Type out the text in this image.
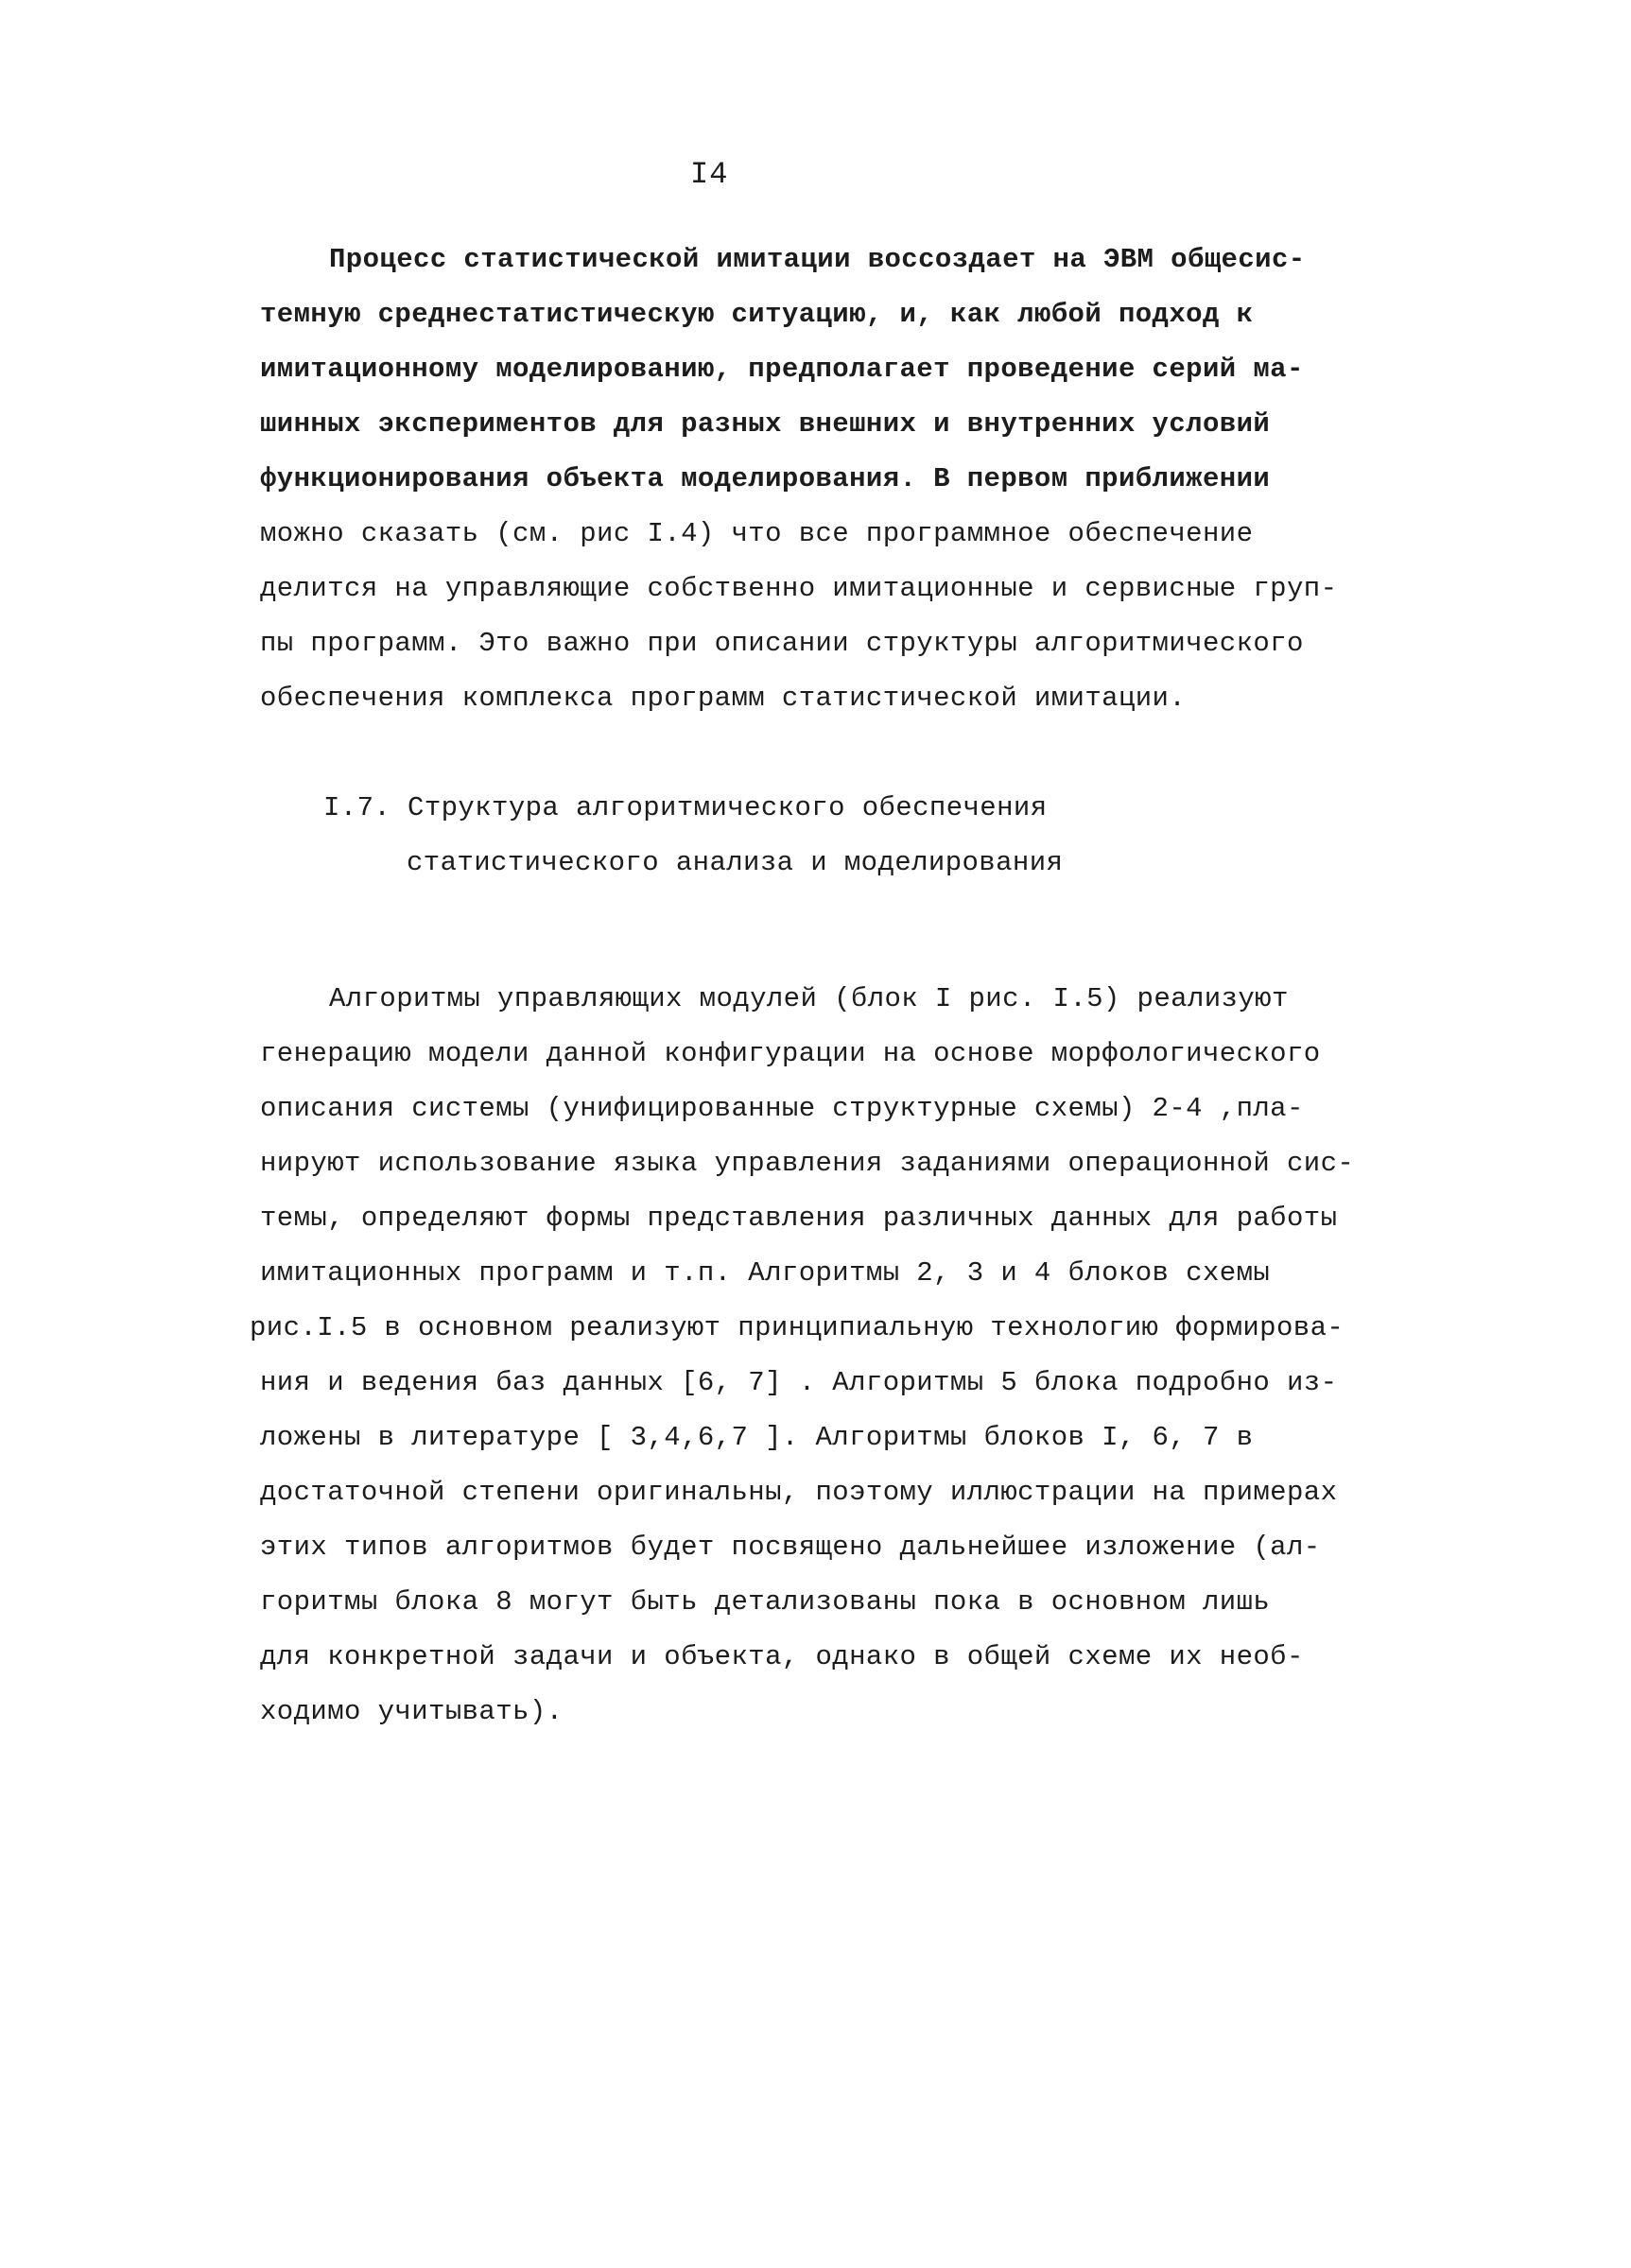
I4
Процесс статистической имитации воссоздает на ЭВМ общесис-
темную среднестатистическую ситуацию, и, как любой подход к
имитационному моделированию, предполагает проведение серий ма-
шинных экспериментов для разных внешних и внутренних условий
функционирования объекта моделирования. В первом приближении
можно сказать (см. рис I.4) что все программное обеспечение
делится на управляющие собственно имитационные и сервисные груп-
пы программ. Это важно при описании структуры алгоритмического
обеспечения комплекса программ статистической имитации.
I.7. Структура алгоритмического обеспечения
статистического анализа и моделирования
Алгоритмы управляющих модулей (блок I рис. I.5) реализуют
генерацию модели данной конфигурации на основе морфологического
описания системы (унифицированные структурные схемы) 2-4 ,пла-
нируют использование языка управления заданиями операционной сис-
темы, определяют формы представления различных данных для работы
имитационных программ и т.п. Алгоритмы 2, 3 и 4 блоков схемы
рис.I.5 в основном реализуют принципиальную технологию формирова-
ния и ведения баз данных [6, 7] . Алгоритмы 5 блока подробно из-
ложены в литературе [ 3,4,6,7 ]. Алгоритмы блоков I, 6, 7 в
достаточной степени оригинальны, поэтому иллюстрации на примерах
этих типов алгоритмов будет посвящено дальнейшее изложение (ал-
горитмы блока 8 могут быть детализованы пока в основном лишь
для конкретной задачи и объекта, однако в общей схеме их необ-
ходимо учитывать).
